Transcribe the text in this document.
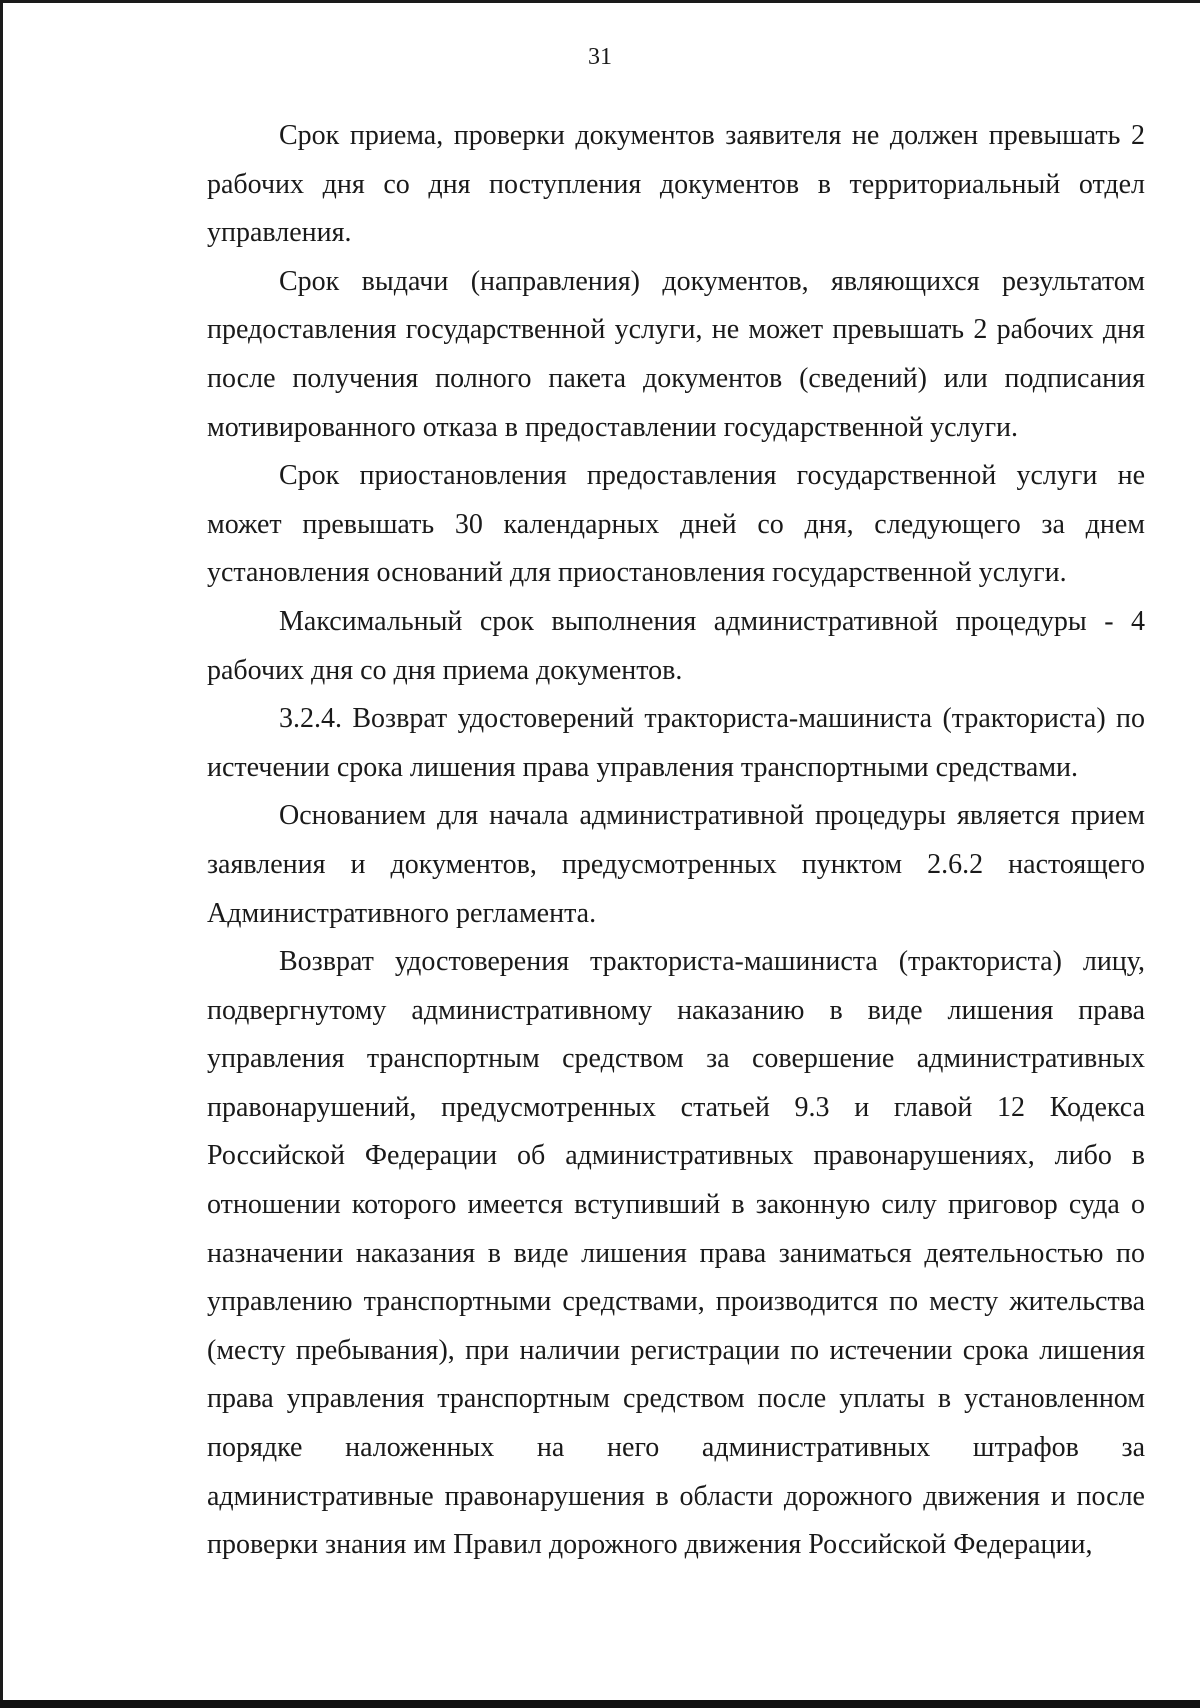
31

Срок приема, проверки документов заявителя не должен превышать 2 рабочих дня со дня поступления документов в территориальный отдел управления.

Срок выдачи (направления) документов, являющихся результатом предоставления государственной услуги, не может превышать 2 рабочих дня после получения полного пакета документов (сведений) или подписания мотивированного отказа в предоставлении государственной услуги.

Срок приостановления предоставления государственной услуги не может превышать 30 календарных дней со дня, следующего за днем установления оснований для приостановления государственной услуги.

Максимальный срок выполнения административной процедуры - 4 рабочих дня со дня приема документов.

3.2.4. Возврат удостоверений тракториста-машиниста (тракториста) по истечении срока лишения права управления транспортными средствами.

Основанием для начала административной процедуры является прием заявления и документов, предусмотренных пунктом 2.6.2 настоящего Административного регламента.

Возврат удостоверения тракториста-машиниста (тракториста) лицу, подвергнутому административному наказанию в виде лишения права управления транспортным средством за совершение административных правонарушений, предусмотренных статьей 9.3 и главой 12 Кодекса Российской Федерации об административных правонарушениях, либо в отношении которого имеется вступивший в законную силу приговор суда о назначении наказания в виде лишения права заниматься деятельностью по управлению транспортными средствами, производится по месту жительства (месту пребывания), при наличии регистрации по истечении срока лишения права управления транспортным средством после уплаты в установленном порядке наложенных на него административных штрафов за административные правонарушения в области дорожного движения и после проверки знания им Правил дорожного движения Российской Федерации,
